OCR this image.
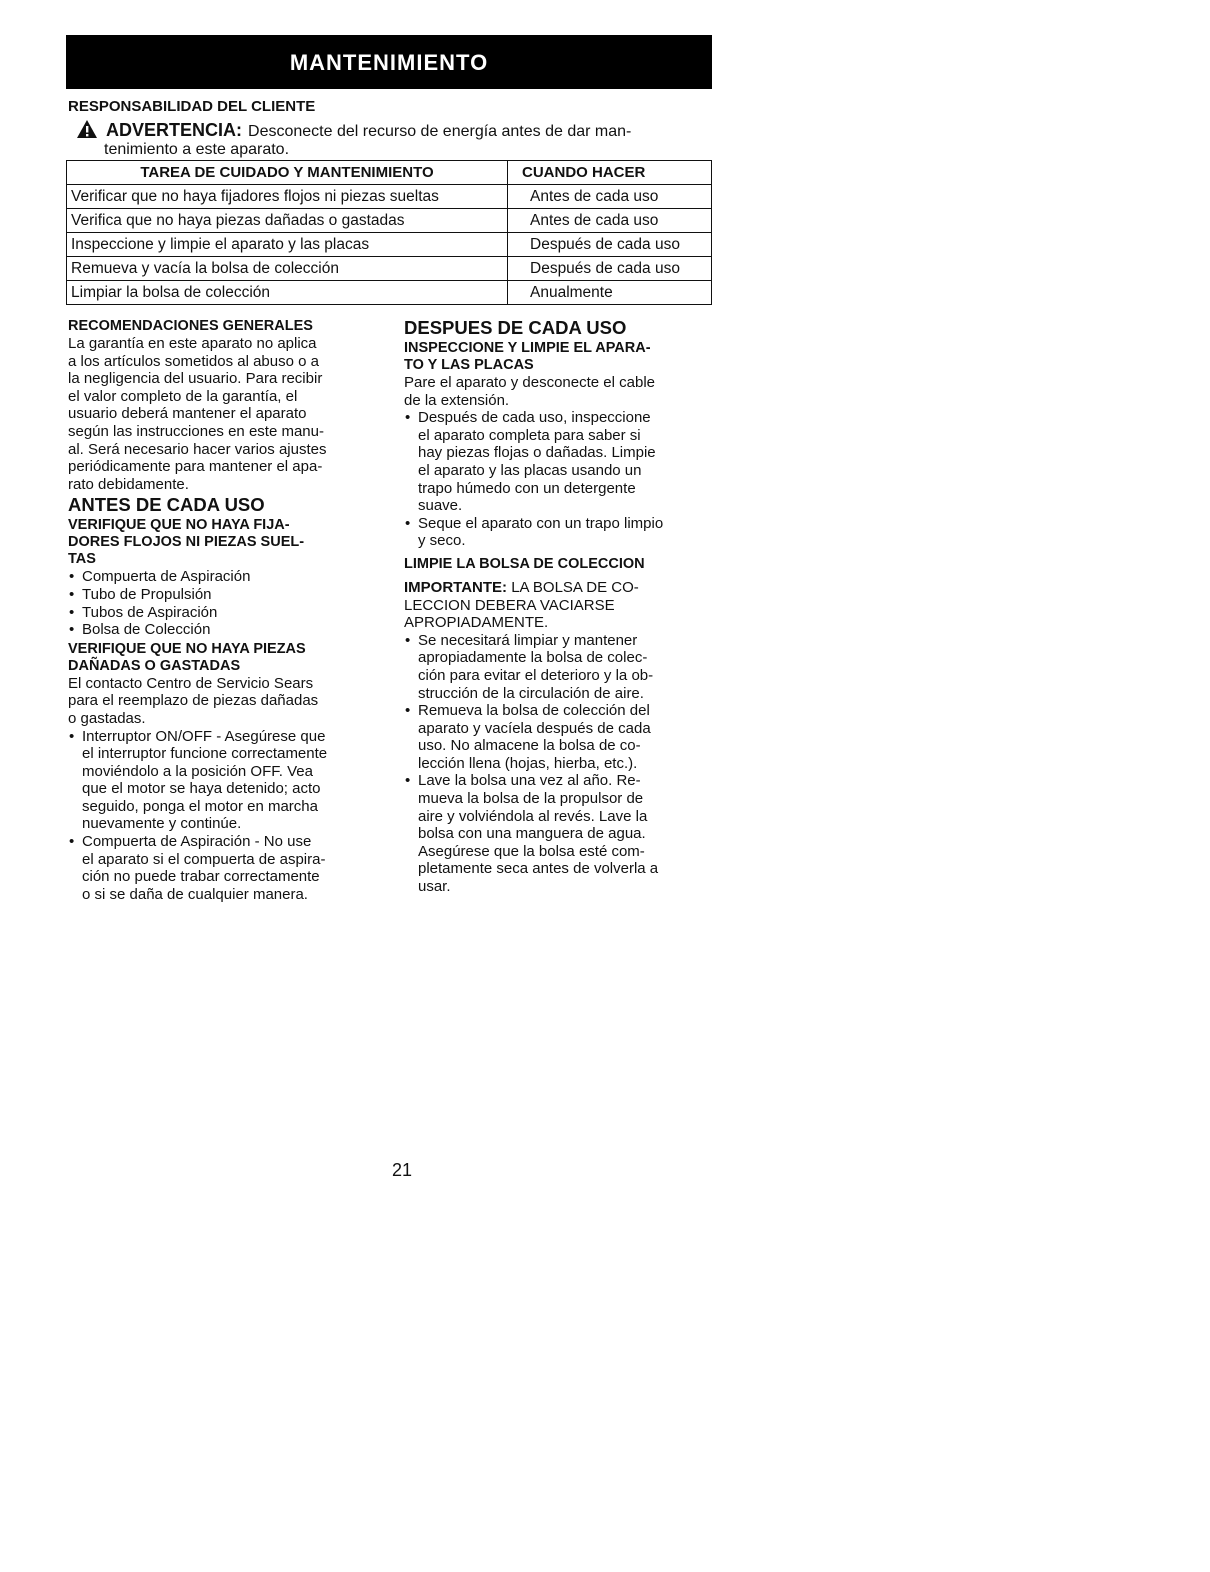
MANTENIMIENTO
RESPONSABILIDAD DEL CLIENTE
ADVERTENCIA: Desconecte del recurso de energía antes de dar man-
tenimiento a este aparato.
TAREA DE CUIDADO Y MANTENIMIENTO	CUANDO HACER
Verificar que no haya fijadores flojos ni piezas sueltas	Antes de cada uso
Verifica que no haya piezas dañadas o gastadas	Antes de cada uso
Inspeccione y limpie el aparato y las placas	Después de cada uso
Remueva y vacía la bolsa de colección	Después de cada uso
Limpiar la bolsa de colección	Anualmente
RECOMENDACIONES GENERALES
La garantía en este aparato no aplica
a los artículos sometidos al abuso o a
la negligencia del usuario. Para recibir
el valor completo de la garantía, el
usuario deberá mantener el aparato
según las instrucciones en este manu-
al. Será necesario hacer varios ajustes
periódicamente para mantener el apa-
rato debidamente.
ANTES DE CADA USO
VERIFIQUE QUE NO HAYA FIJA-
DORES FLOJOS NI PIEZAS SUEL-
TAS
• Compuerta de Aspiración
• Tubo de Propulsión
• Tubos de Aspiración
• Bolsa de Colección
VERIFIQUE QUE NO HAYA PIEZAS
DAÑADAS O GASTADAS
El contacto Centro de Servicio Sears
para el reemplazo de piezas dañadas
o gastadas.
• Interruptor ON/OFF - Asegúrese que
el interruptor funcione correctamente
moviéndolo a la posición OFF. Vea
que el motor se haya detenido; acto
seguido, ponga el motor en marcha
nuevamente y continúe.
• Compuerta de Aspiración - No use
el aparato si el compuerta de aspira-
ción no puede trabar correctamente
o si se daña de cualquier manera.
DESPUES DE CADA USO
INSPECCIONE Y LIMPIE EL APARA-
TO Y LAS PLACAS
Pare el aparato y desconecte el cable
de la extensión.
• Después de cada uso, inspeccione
el aparato completa para saber si
hay piezas flojas o dañadas. Limpie
el aparato y las placas usando un
trapo húmedo con un detergente
suave.
• Seque el aparato con un trapo limpio
y seco.
LIMPIE LA BOLSA DE COLECCION
IMPORTANTE: LA BOLSA DE CO-
LECCION DEBERA VACIARSE
APROPIADAMENTE.
• Se necesitará limpiar y mantener
apropiadamente la bolsa de colec-
ción para evitar el deterioro y la ob-
strucción de la circulación de aire.
• Remueva la bolsa de colección del
aparato y vacíela después de cada
uso. No almacene la bolsa de co-
lección llena (hojas, hierba, etc.).
• Lave la bolsa una vez al año. Re-
mueva la bolsa de la propulsor de
aire y volviéndola al revés. Lave la
bolsa con una manguera de agua.
Asegúrese que la bolsa esté com-
pletamente seca antes de volverla a
usar.
21
